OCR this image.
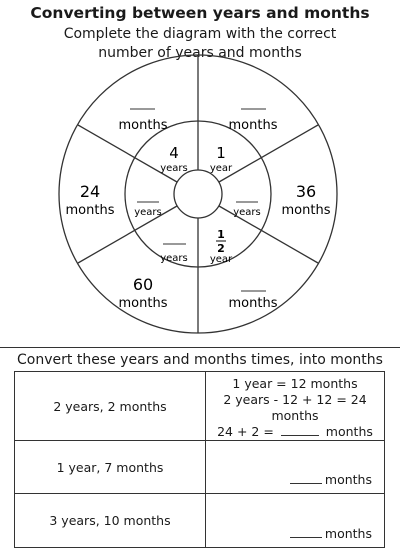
Converting between years and months
Complete the diagram with the correct
number of years and months
months	months
36
months
months
60
months
24
months
4
years
1
year
years
1
2
year
years
years
Convert these years and months times, into months
2 years, 2 months	1 year = 12 months
2 years - 12 + 12 = 24 months
24 + 2 = months

1 year, 7 months	months

3 years, 10 months	months
